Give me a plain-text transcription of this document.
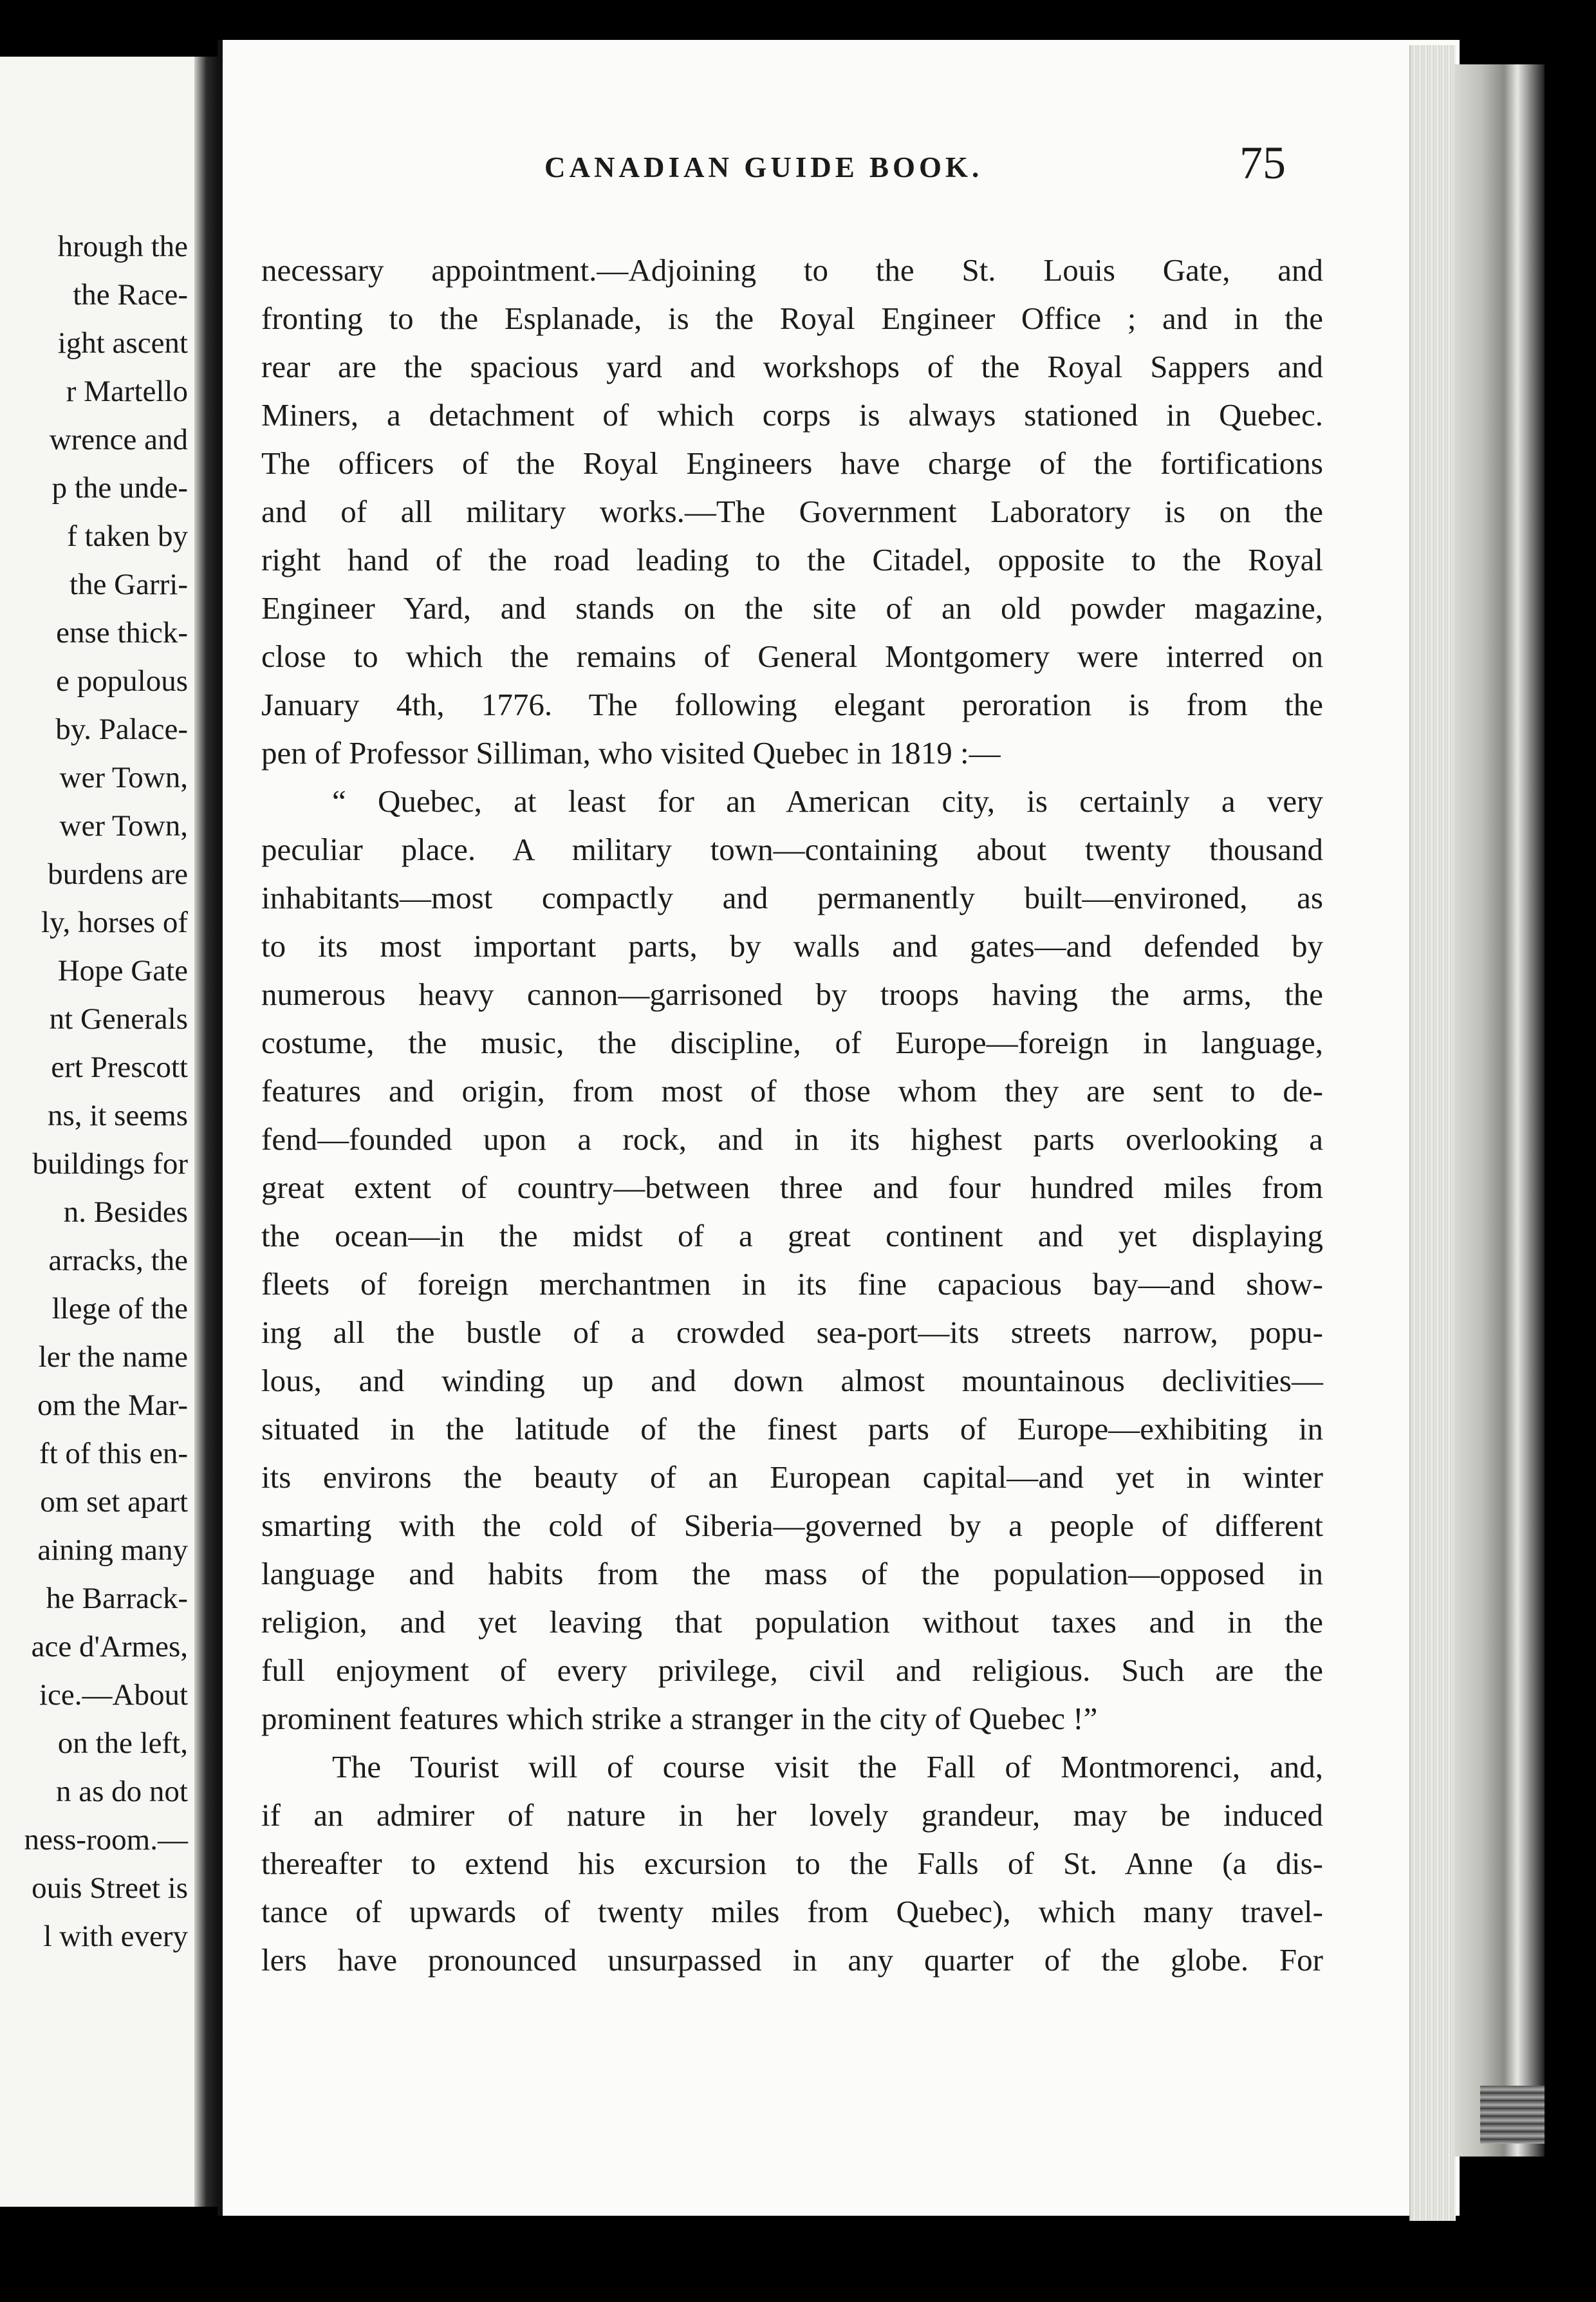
hrough the
the Race-
ight ascent
r Martello
wrence and
p the unde-
f taken by
the Garri-
ense thick-
e populous
by. Palace-
wer Town,
wer Town,
burdens are
ly, horses of
Hope Gate
nt Generals
ert Prescott
ns, it seems
buildings for
n. Besides
arracks, the
llege of the
ler the name
om the Mar-
ft of this en-
om set apart
aining many
he Barrack-
ace d'Armes,
ice.—About
on the left,
n as do not
ness-room.—
ouis Street is
l with every
CANADIAN GUIDE BOOK.	75
necessary appointment.—Adjoining to the St. Louis Gate, and
fronting to the Esplanade, is the Royal Engineer Office ; and in the
rear are the spacious yard and workshops of the Royal Sappers and
Miners, a detachment of which corps is always stationed in Quebec.
The officers of the Royal Engineers have charge of the fortifications
and of all military works.—The Government Laboratory is on the
right hand of the road leading to the Citadel, opposite to the Royal
Engineer Yard, and stands on the site of an old powder magazine,
close to which the remains of General Montgomery were interred on
January 4th, 1776. The following elegant peroration is from the
pen of Professor Silliman, who visited Quebec in 1819 :—
“ Quebec, at least for an American city, is certainly a very
peculiar place. A military town—containing about twenty thousand
inhabitants—most compactly and permanently built—environed, as
to its most important parts, by walls and gates—and defended by
numerous heavy cannon—garrisoned by troops having the arms, the
costume, the music, the discipline, of Europe—foreign in language,
features and origin, from most of those whom they are sent to de-
fend—founded upon a rock, and in its highest parts overlooking a
great extent of country—between three and four hundred miles from
the ocean—in the midst of a great continent and yet displaying
fleets of foreign merchantmen in its fine capacious bay—and show-
ing all the bustle of a crowded sea-port—its streets narrow, popu-
lous, and winding up and down almost mountainous declivities—
situated in the latitude of the finest parts of Europe—exhibiting in
its environs the beauty of an European capital—and yet in winter
smarting with the cold of Siberia—governed by a people of different
language and habits from the mass of the population—opposed in
religion, and yet leaving that population without taxes and in the
full enjoyment of every privilege, civil and religious. Such are the
prominent features which strike a stranger in the city of Quebec !”
The Tourist will of course visit the Fall of Montmorenci, and,
if an admirer of nature in her lovely grandeur, may be induced
thereafter to extend his excursion to the Falls of St. Anne (a dis-
tance of upwards of twenty miles from Quebec), which many travel-
lers have pronounced unsurpassed in any quarter of the globe. For
